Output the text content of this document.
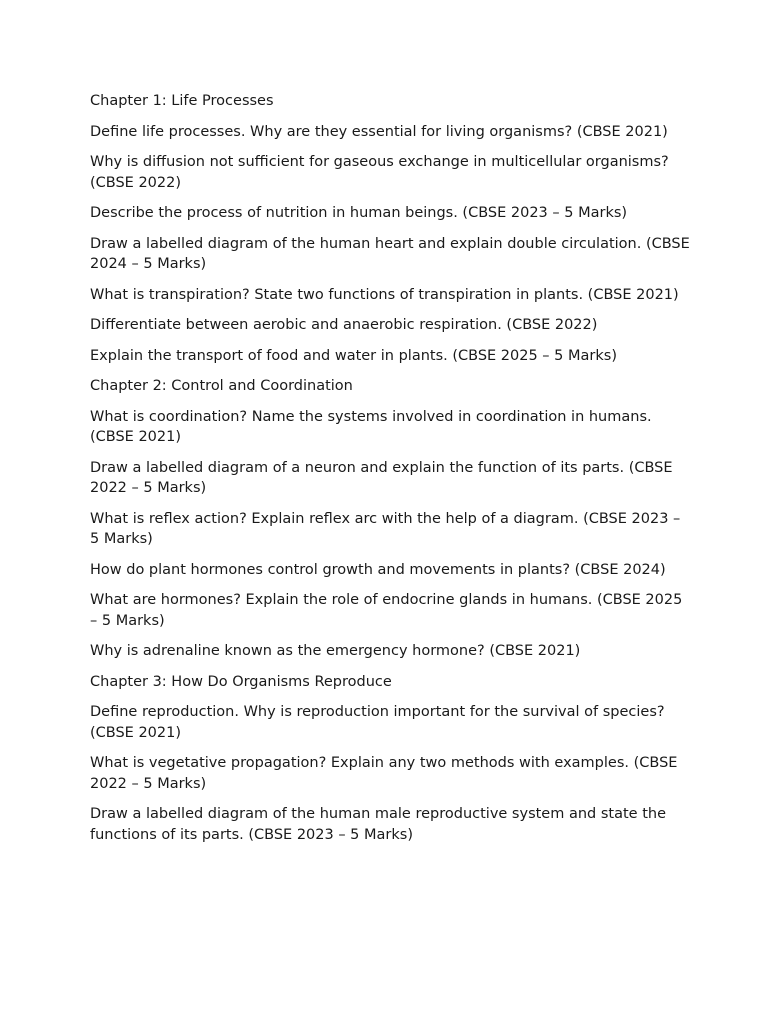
Chapter 1: Life Processes

Define life processes. Why are they essential for living organisms? (CBSE 2021)

Why is diffusion not sufficient for gaseous exchange in multicellular organisms? (CBSE 2022)

Describe the process of nutrition in human beings. (CBSE 2023 – 5 Marks)

Draw a labelled diagram of the human heart and explain double circulation. (CBSE 2024 – 5 Marks)

What is transpiration? State two functions of transpiration in plants. (CBSE 2021)

Differentiate between aerobic and anaerobic respiration. (CBSE 2022)

Explain the transport of food and water in plants. (CBSE 2025 – 5 Marks)

Chapter 2: Control and Coordination

What is coordination? Name the systems involved in coordination in humans. (CBSE 2021)

Draw a labelled diagram of a neuron and explain the function of its parts. (CBSE 2022 – 5 Marks)

What is reflex action? Explain reflex arc with the help of a diagram. (CBSE 2023 – 5 Marks)

How do plant hormones control growth and movements in plants? (CBSE 2024)

What are hormones? Explain the role of endocrine glands in humans. (CBSE 2025 – 5 Marks)

Why is adrenaline known as the emergency hormone? (CBSE 2021)

Chapter 3: How Do Organisms Reproduce

Define reproduction. Why is reproduction important for the survival of species? (CBSE 2021)

What is vegetative propagation? Explain any two methods with examples. (CBSE 2022 – 5 Marks)

Draw a labelled diagram of the human male reproductive system and state the functions of its parts. (CBSE 2023 – 5 Marks)
